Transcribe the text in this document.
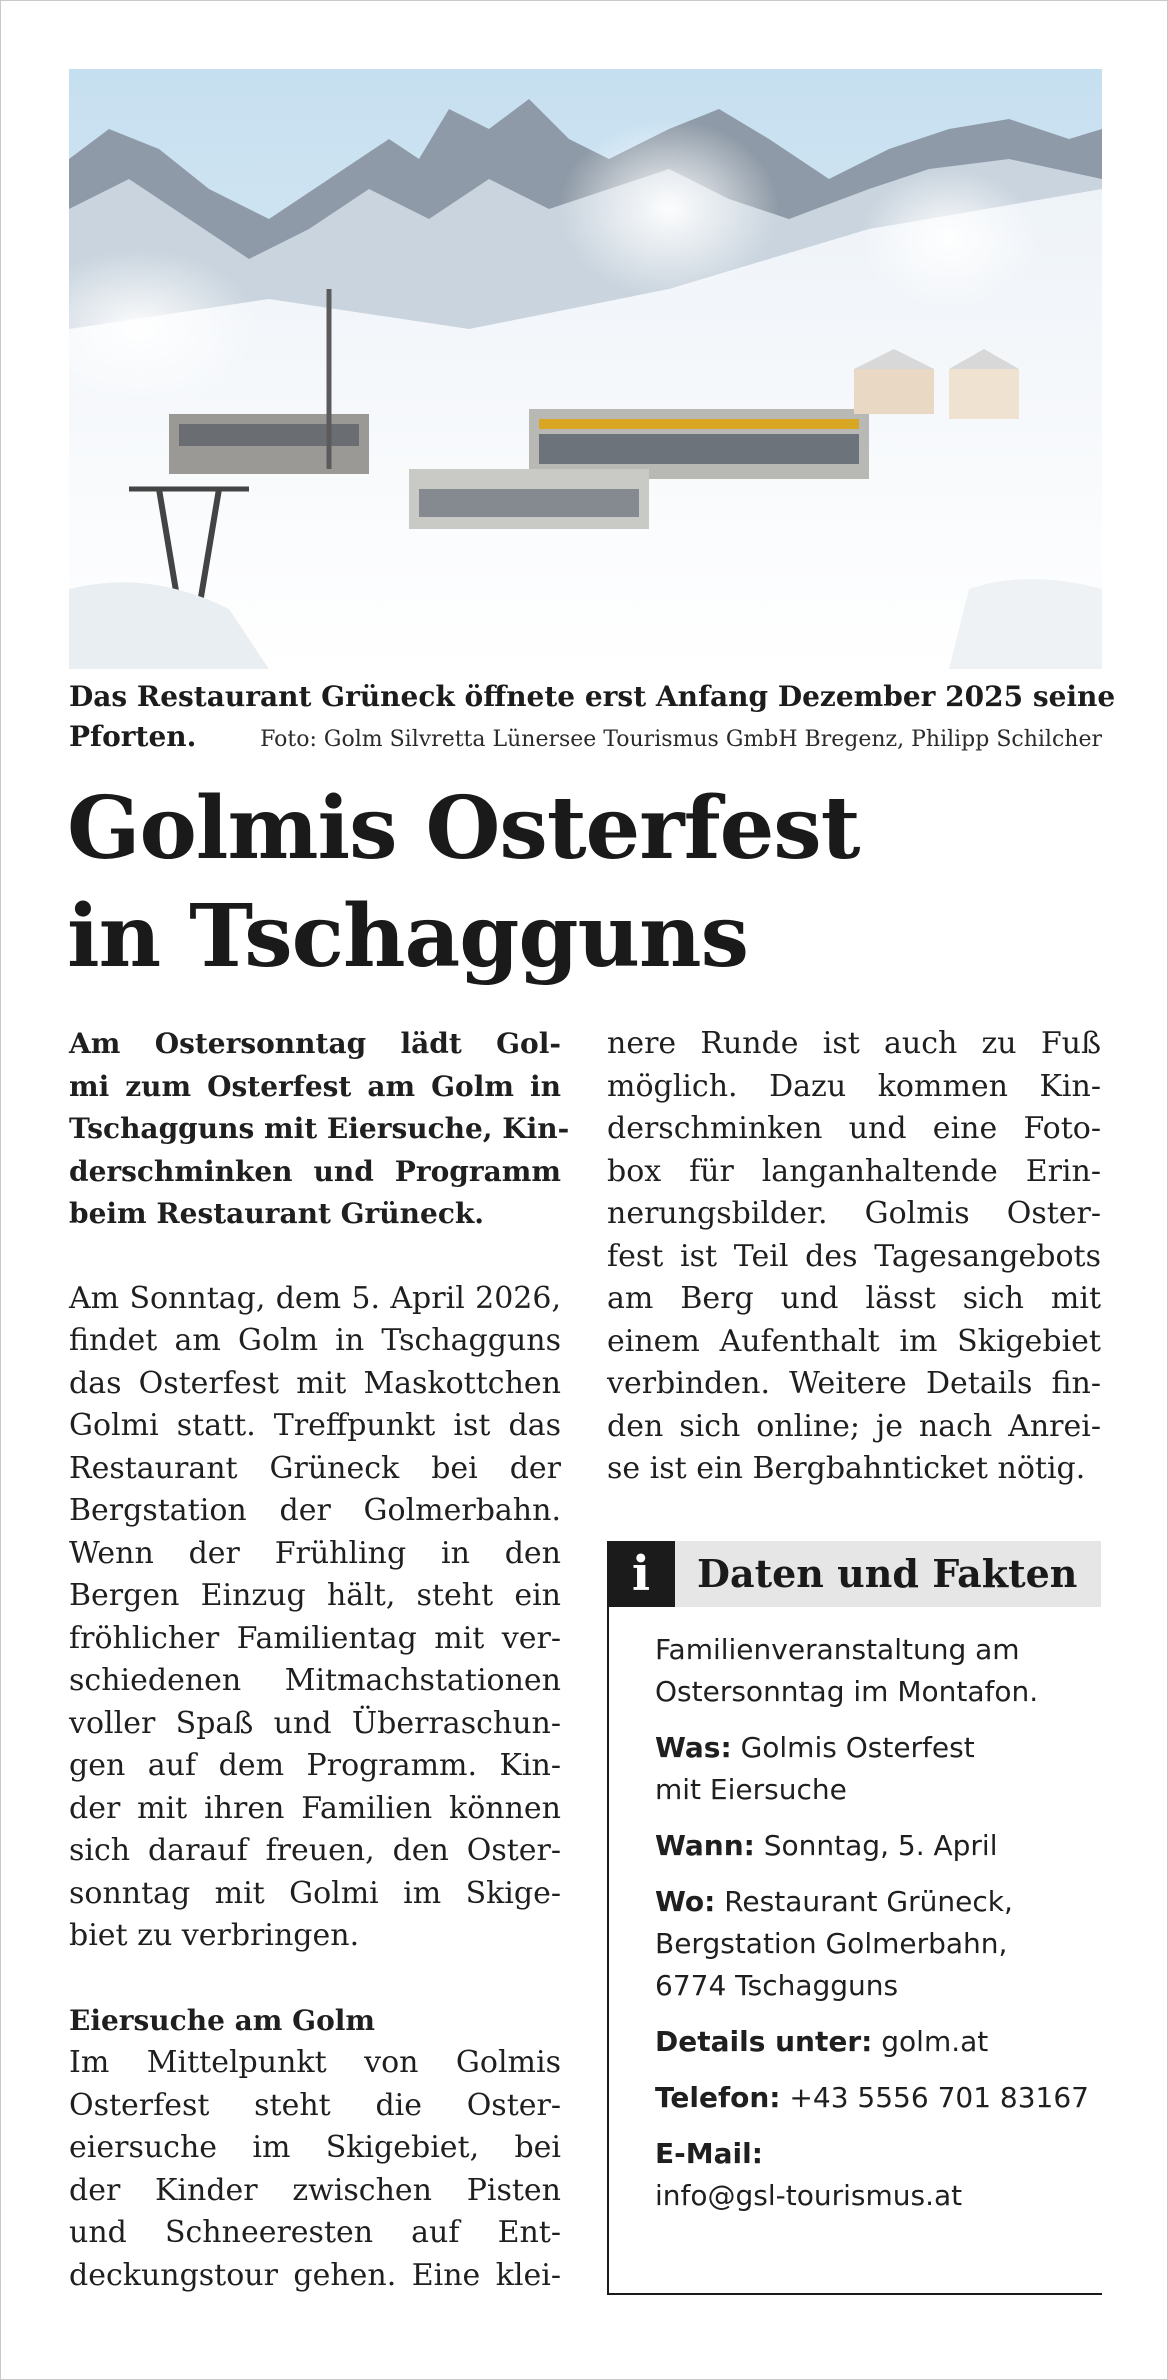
Das Restaurant Grüneck öffnete erst Anfang Dezember 2025 seine
Pforten.	Foto: Golm Silvretta Lünersee Tourismus GmbH Bregenz, Philipp Schilcher
Golmis Osterfest
in Tschagguns
Am Ostersonntag lädt Gol-
mi zum Osterfest am Golm in
Tschagguns mit Eiersuche, Kin-
derschminken und Programm
beim Restaurant Grüneck.
Am Sonntag, dem 5. April 2026,
findet am Golm in Tschagguns
das Osterfest mit Maskottchen
Golmi statt. Treffpunkt ist das
Restaurant Grüneck bei der
Bergstation der Golmerbahn.
Wenn der Frühling in den
Bergen Einzug hält, steht ein
fröhlicher Familientag mit ver-
schiedenen Mitmachstationen
voller Spaß und Überraschun-
gen auf dem Programm. Kin-
der mit ihren Familien können
sich darauf freuen, den Oster-
sonntag mit Golmi im Skige-
biet zu verbringen.
Eiersuche am Golm
Im Mittelpunkt von Golmis
Osterfest steht die Oster-
eiersuche im Skigebiet, bei
der Kinder zwischen Pisten
und Schneeresten auf Ent-
deckungstour gehen. Eine klei-
nere Runde ist auch zu Fuß
möglich. Dazu kommen Kin-
derschminken und eine Foto-
box für langanhaltende Erin-
nerungsbilder. Golmis Oster-
fest ist Teil des Tagesangebots
am Berg und lässt sich mit
einem Aufenthalt im Skigebiet
verbinden. Weitere Details fin-
den sich online; je nach Anrei-
se ist ein Bergbahnticket nötig.
i	Daten und Fakten
Familienveranstaltung am
Ostersonntag im Montafon.
Was: Golmis Osterfest
mit Eiersuche
Wann: Sonntag, 5. April
Wo: Restaurant Grüneck,
Bergstation Golmerbahn,
6774 Tschagguns
Details unter: golm.at
Telefon: +43 5556 701 83167
E-Mail:
info@gsl-tourismus.at
